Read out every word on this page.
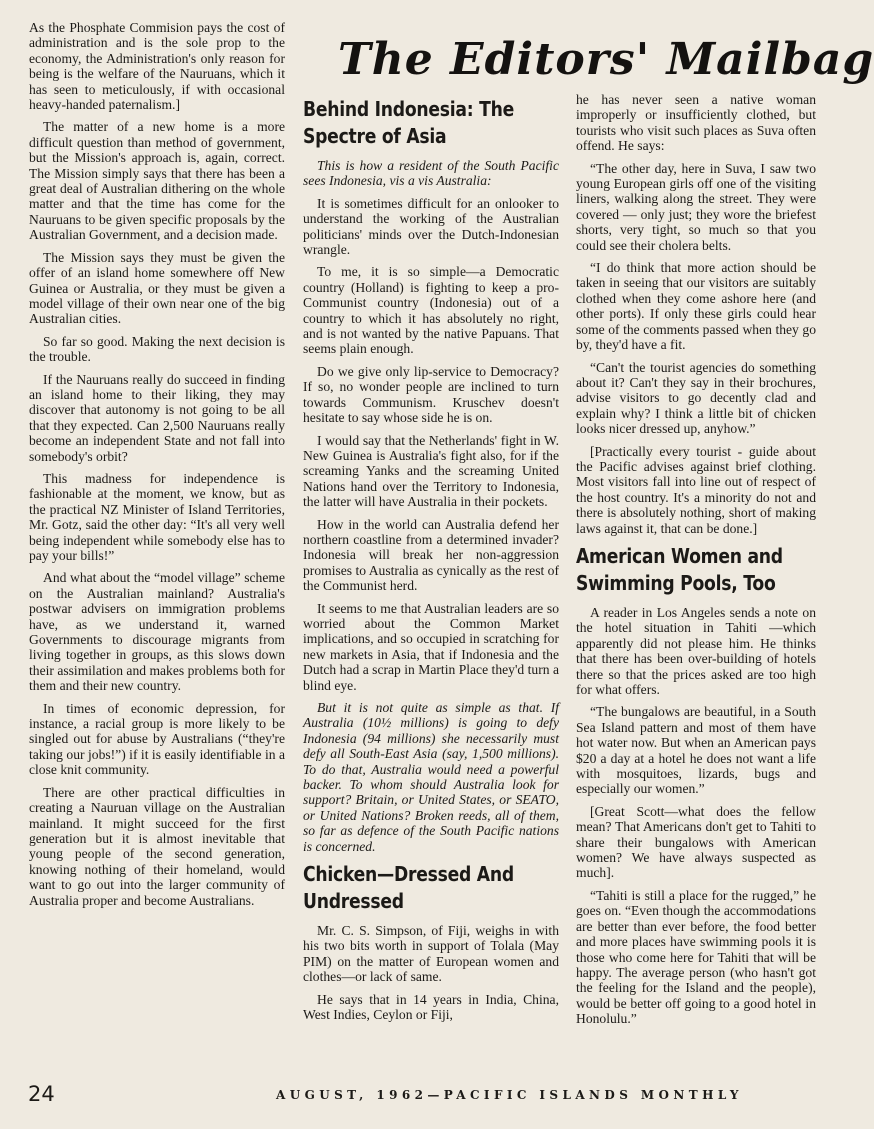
The Editors' Mailbag

As the Phosphate Commision pays the cost of administration and is the sole prop to the economy, the Administration's only reason for being is the welfare of the Nauruans, which it has seen to meticulously, if with occasional heavy-handed paternalism.]

The matter of a new home is a more difficult question than method of government, but the Mission's approach is, again, correct. The Mission simply says that there has been a great deal of Australian dithering on the whole matter and that the time has come for the Nauruans to be given specific proposals by the Australian Government, and a decision made.

The Mission says they must be given the offer of an island home somewhere off New Guinea or Australia, or they must be given a model village of their own near one of the big Australian cities.

So far so good. Making the next decision is the trouble.

If the Nauruans really do succeed in finding an island home to their liking, they may discover that autonomy is not going to be all that they expected. Can 2,500 Nauruans really become an independent State and not fall into somebody's orbit?

This madness for independence is fashionable at the moment, we know, but as the practical NZ Minister of Island Territories, Mr. Gotz, said the other day: “It's all very well being independent while somebody else has to pay your bills!”

And what about the “model village” scheme on the Australian mainland? Australia's postwar advisers on immigration problems have, as we understand it, warned Governments to discourage migrants from living together in groups, as this slows down their assimilation and makes problems both for them and their new country.

In times of economic depression, for instance, a racial group is more likely to be singled out for abuse by Australians (“they're taking our jobs!”) if it is easily identifiable in a close knit community.

There are other practical difficulties in creating a Nauruan village on the Australian mainland. It might succeed for the first generation but it is almost inevitable that young people of the second generation, knowing nothing of their homeland, would want to go out into the larger community of Australia proper and become Australians.

Behind Indonesia: The Spectre of Asia

This is how a resident of the South Pacific sees Indonesia, vis a vis Australia:

It is sometimes difficult for an onlooker to understand the working of the Australian politicians' minds over the Dutch-Indonesian wrangle.

To me, it is so simple—a Democratic country (Holland) is fighting to keep a pro-Communist country (Indonesia) out of a country to which it has absolutely no right, and is not wanted by the native Papuans. That seems plain enough.

Do we give only lip-service to Democracy? If so, no wonder people are inclined to turn towards Communism. Kruschev doesn't hesitate to say whose side he is on.

I would say that the Netherlands' fight in W. New Guinea is Australia's fight also, for if the screaming Yanks and the screaming United Nations hand over the Territory to Indonesia, the latter will have Australia in their pockets.

How in the world can Australia defend her northern coastline from a determined invader? Indonesia will break her non-aggression promises to Australia as cynically as the rest of the Communist herd.

It seems to me that Australian leaders are so worried about the Common Market implications, and so occupied in scratching for new markets in Asia, that if Indonesia and the Dutch had a scrap in Martin Place they'd turn a blind eye.

But it is not quite as simple as that. If Australia (10½ millions) is going to defy Indonesia (94 millions) she necessarily must defy all South-East Asia (say, 1,500 millions). To do that, Australia would need a powerful backer. To whom should Australia look for support? Britain, or United States, or SEATO, or United Nations? Broken reeds, all of them, so far as defence of the South Pacific nations is concerned.

Chicken—Dressed And Undressed

Mr. C. S. Simpson, of Fiji, weighs in with his two bits worth in support of Tolala (May PIM) on the matter of European women and clothes—or lack of same.

He says that in 14 years in India, China, West Indies, Ceylon or Fiji,

he has never seen a native woman improperly or insufficiently clothed, but tourists who visit such places as Suva often offend. He says:

“The other day, here in Suva, I saw two young European girls off one of the visiting liners, walking along the street. They were covered — only just; they wore the briefest shorts, very tight, so much so that you could see their cholera belts.

“I do think that more action should be taken in seeing that our visitors are suitably clothed when they come ashore here (and other ports). If only these girls could hear some of the comments passed when they go by, they'd have a fit.

“Can't the tourist agencies do something about it? Can't they say in their brochures, advise visitors to go decently clad and explain why? I think a little bit of chicken looks nicer dressed up, anyhow.”

[Practically every tourist - guide about the Pacific advises against brief clothing. Most visitors fall into line out of respect of the host country. It's a minority do not and there is absolutely nothing, short of making laws against it, that can be done.]

American Women and Swimming Pools, Too

A reader in Los Angeles sends a note on the hotel situation in Tahiti —which apparently did not please him. He thinks that there has been over-building of hotels there so that the prices asked are too high for what offers.

“The bungalows are beautiful, in a South Sea Island pattern and most of them have hot water now. But when an American pays $20 a day at a hotel he does not want a life with mosquitoes, lizards, bugs and especially our women.”

[Great Scott—what does the fellow mean? That Americans don't get to Tahiti to share their bungalows with American women? We have always suspected as much].

“Tahiti is still a place for the rugged,” he goes on. “Even though the accommodations are better than ever before, the food better and more places have swimming pools it is those who come here for Tahiti that will be happy. The average person (who hasn't got the feeling for the Island and the people), would be better off going to a good hotel in Honolulu.”

24	AUGUST, 1962—PACIFIC ISLANDS MONTHLY
